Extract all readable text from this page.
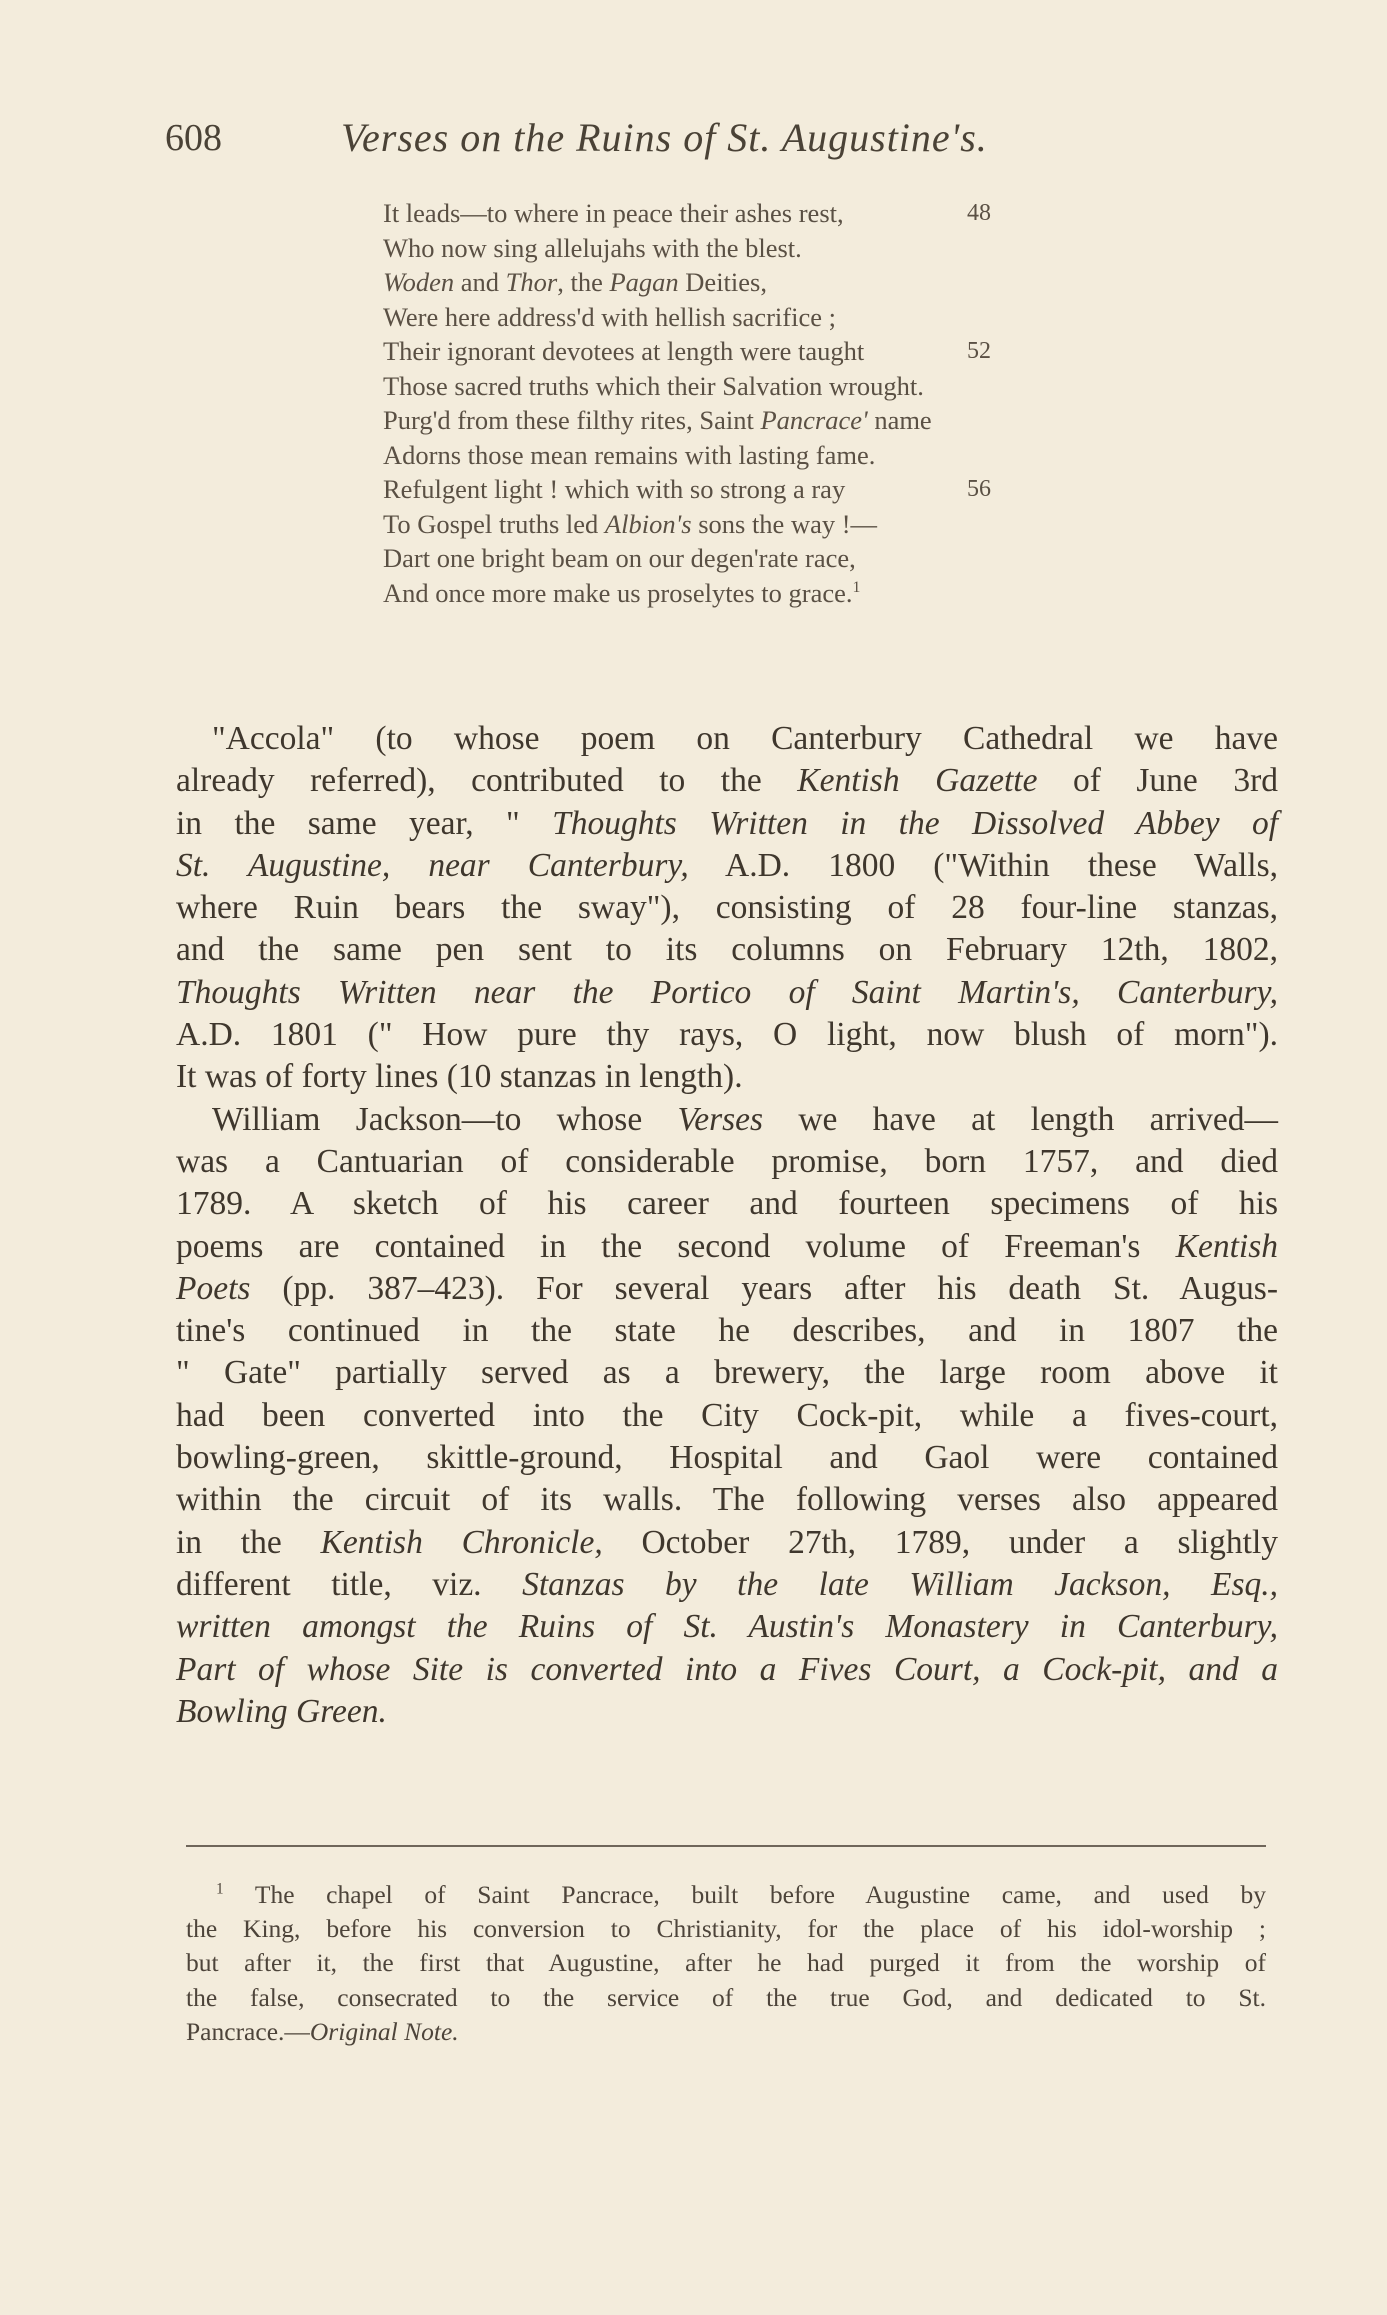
608	Verses on the Ruins of St. Augustine's.
It leads—to where in peace their ashes rest,	48
Who now sing allelujahs with the blest.
Woden and Thor, the Pagan Deities,
Were here address'd with hellish sacrifice ;
Their ignorant devotees at length were taught	52
Those sacred truths which their Salvation wrought.
Purg'd from these filthy rites, Saint Pancrace' name
Adorns those mean remains with lasting fame.
Refulgent light ! which with so strong a ray	56
To Gospel truths led Albion's sons the way !—
Dart one bright beam on our degen'rate race,
And once more make us proselytes to grace.$^1$
"Accola" (to whose poem on Canterbury Cathedral we have
already referred), contributed to the Kentish Gazette of June 3rd
in the same year, " Thoughts Written in the Dissolved Abbey of
St. Augustine, near Canterbury, A.D. 1800 ("Within these Walls,
where Ruin bears the sway"), consisting of 28 four-line stanzas,
and the same pen sent to its columns on February 12th, 1802,
Thoughts Written near the Portico of Saint Martin's, Canterbury,
A.D. 1801 (" How pure thy rays, O light, now blush of morn").
It was of forty lines (10 stanzas in length).
William Jackson—to whose Verses we have at length arrived—
was a Cantuarian of considerable promise, born 1757, and died
1789. A sketch of his career and fourteen specimens of his
poems are contained in the second volume of Freeman's Kentish
Poets (pp. 387–423). For several years after his death St. Augus-
tine's continued in the state he describes, and in 1807 the
" Gate" partially served as a brewery, the large room above it
had been converted into the City Cock-pit, while a fives-court,
bowling-green, skittle-ground, Hospital and Gaol were contained
within the circuit of its walls. The following verses also appeared
in the Kentish Chronicle, October 27th, 1789, under a slightly
different title, viz. Stanzas by the late William Jackson, Esq.,
written amongst the Ruins of St. Austin's Monastery in Canterbury,
Part of whose Site is converted into a Fives Court, a Cock-pit, and a
Bowling Green.
$^1$ The chapel of Saint Pancrace, built before Augustine came, and used by
the King, before his conversion to Christianity, for the place of his idol-worship ;
but after it, the first that Augustine, after he had purged it from the worship of
the false, consecrated to the service of the true God, and dedicated to St.
Pancrace.—Original Note.
